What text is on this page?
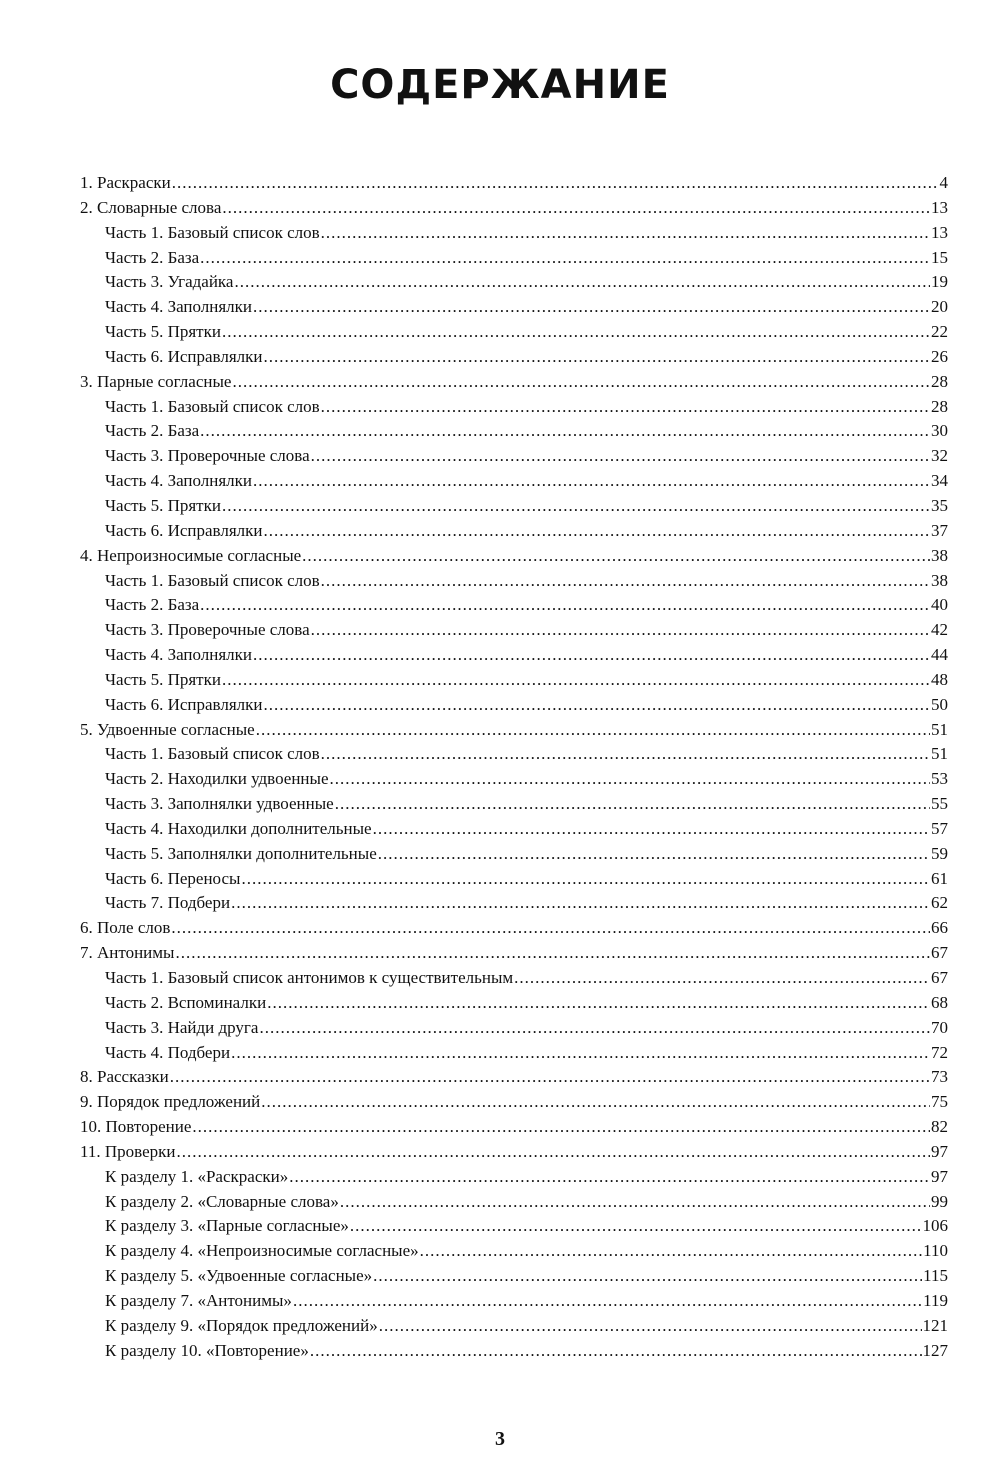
СОДЕРЖАНИЕ
1. Раскраски .....	4
2. Словарные слова .....	13
Часть 1. Базовый список слов .....	13
Часть 2. База .....	15
Часть 3. Угадайка .....	19
Часть 4. Заполнялки .....	20
Часть 5. Прятки .....	22
Часть 6. Исправлялки .....	26
3. Парные согласные .....	28
Часть 1. Базовый список слов .....	28
Часть 2. База .....	30
Часть 3. Проверочные слова .....	32
Часть 4. Заполнялки .....	34
Часть 5. Прятки .....	35
Часть 6. Исправлялки .....	37
4. Непроизносимые согласные .....	38
Часть 1. Базовый список слов .....	38
Часть 2. База .....	40
Часть 3. Проверочные слова .....	42
Часть 4. Заполнялки .....	44
Часть 5. Прятки .....	48
Часть 6. Исправлялки .....	50
5. Удвоенные согласные .....	51
Часть 1. Базовый список слов .....	51
Часть 2. Находилки удвоенные .....	53
Часть 3. Заполнялки удвоенные .....	55
Часть 4. Находилки дополнительные .....	57
Часть 5. Заполнялки дополнительные .....	59
Часть 6. Переносы .....	61
Часть 7. Подбери .....	62
6. Поле слов .....	66
7. Антонимы .....	67
Часть 1. Базовый список антонимов к существительным .....	67
Часть 2. Вспоминалки .....	68
Часть 3. Найди друга .....	70
Часть 4. Подбери .....	72
8. Рассказки .....	73
9. Порядок предложений .....	75
10. Повторение .....	82
11. Проверки .....	97
К разделу 1. «Раскраски» .....	97
К разделу 2. «Словарные слова» .....	99
К разделу 3. «Парные согласные» .....	106
К разделу 4. «Непроизносимые согласные» .....	110
К разделу 5. «Удвоенные согласные» .....	115
К разделу 7. «Антонимы» .....	119
К разделу 9. «Порядок предложений» .....	121
К разделу 10. «Повторение» .....	127
3
